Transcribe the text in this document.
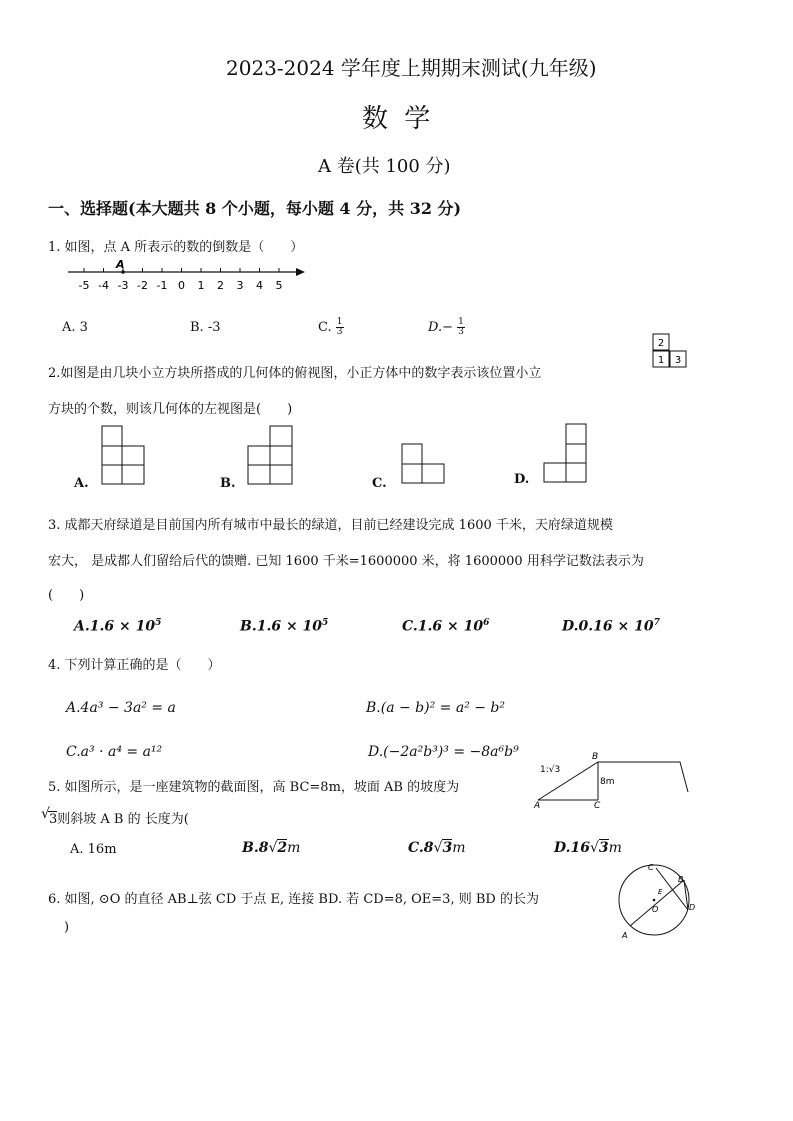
2023-2024 学年度上期期末测试(九年级)
数 学
A 卷(共 100 分)
一、选择题(本大题共 8 个小题，每小题 4 分，共 32 分)
1. 如图，点 A 所表示的数的倒数是（　　）
-5 -4 -3 -2 -1 0 1 2 3 4 5
A
A. 3	B. -3	C. $\frac{1}{3}$	$D.- \frac{1}{3}$
2.如图是由几块小立方块所搭成的几何体的俯视图，小正方体中的数字表示该位置小立
方块的个数，则该几何体的左视图是(　　)
2
1 3
A.	B.	C.	D.
3. 成都天府绿道是目前国内所有城市中最长的绿道，目前已经建设完成 1600 千米，天府绿道规模
宏大， 是成都人们留给后代的馈赠. 已知 1600 千米=1600000 米，将 1600000 用科学记数法表示为
(　　)
$A.1.6 \times 10^5$	$B.1.6 \times 10^5$	$C.1.6 \times 10^6$	$D.0.16 \times 10^7$
4. 下列计算正确的是（　　）
A.4a³ − 3a² = a	B.(a − b)² = a² − b²
C.a³ · a⁴ = a¹²	D.(−2a²b³)³ = −8a⁶b⁹
5. 如图所示，是一座建筑物的截面图，高 BC=8m，坡面 AB 的坡度为
3则斜坡 A B 的 长度为(
√
1:√3
8m
B
A	C
A. 16m	B.8√2m	C.8√3m	D.16√3m
6. 如图, ⊙O 的直径 AB⊥弦 CD 于点 E, 连接 BD. 若 CD=8, OE=3, 则 BD 的长为
)
C
B
E
O	D
A
